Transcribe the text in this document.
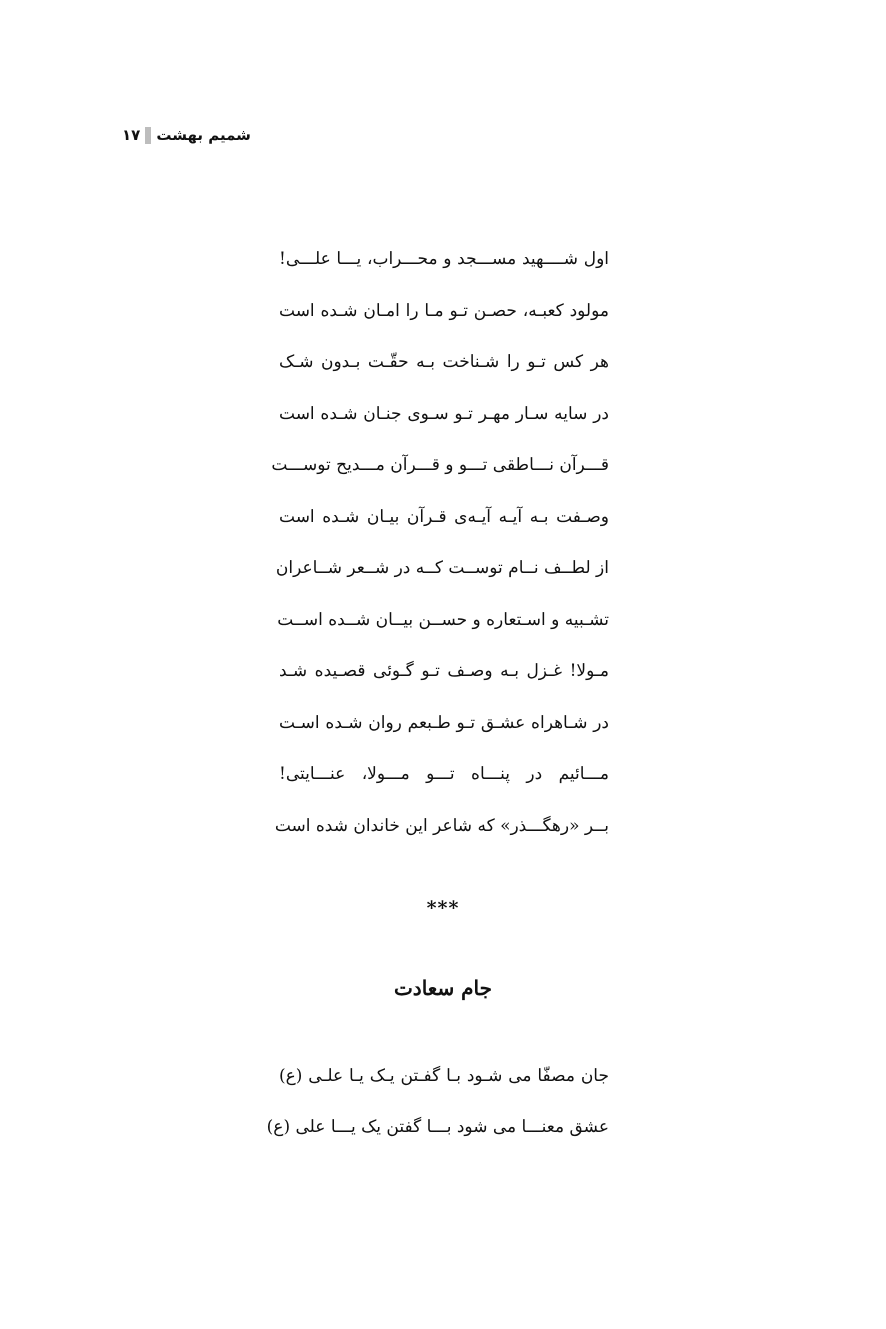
۱۷ شمیم بهشت
اول شــــهید مســـجد و محـــراب، یـــا علـــی!
مولود کعبـه، حصـن تـو مـا را امـان شـده است
هر کس تـو را شـناخت بـه حقّـت بـدون شـک
در سایه سـار مهـر تـو سـوی جنـان شـده است
قـــرآن نـــاطقی تـــو و قـــرآن مـــدیح توســـت
وصـفت بـه آیـه آیـه‌ی قـرآن بیـان شـده است
از لطــف نــام توســت کــه در شــعر شــاعران
تشـبیه و اسـتعاره و حســن بیــان شــده اســت
مـولا! غـزل بـه وصـف تـو گـوئی قصـیده شـد
در شـاهراه عشـق تـو طـبعم روان شـده اسـت
مـــائیم در پنـــاه تـــو مـــولا، عنـــایتی!
بــر «رهگـــذر» که شاعر این خاندان شده است
***
جام سعادت
جان مصفّا می شـود بـا گفـتن یـک یـا علـی (ع)
عشق معنـــا می شود بـــا گفتن یک یـــا علی (ع)
